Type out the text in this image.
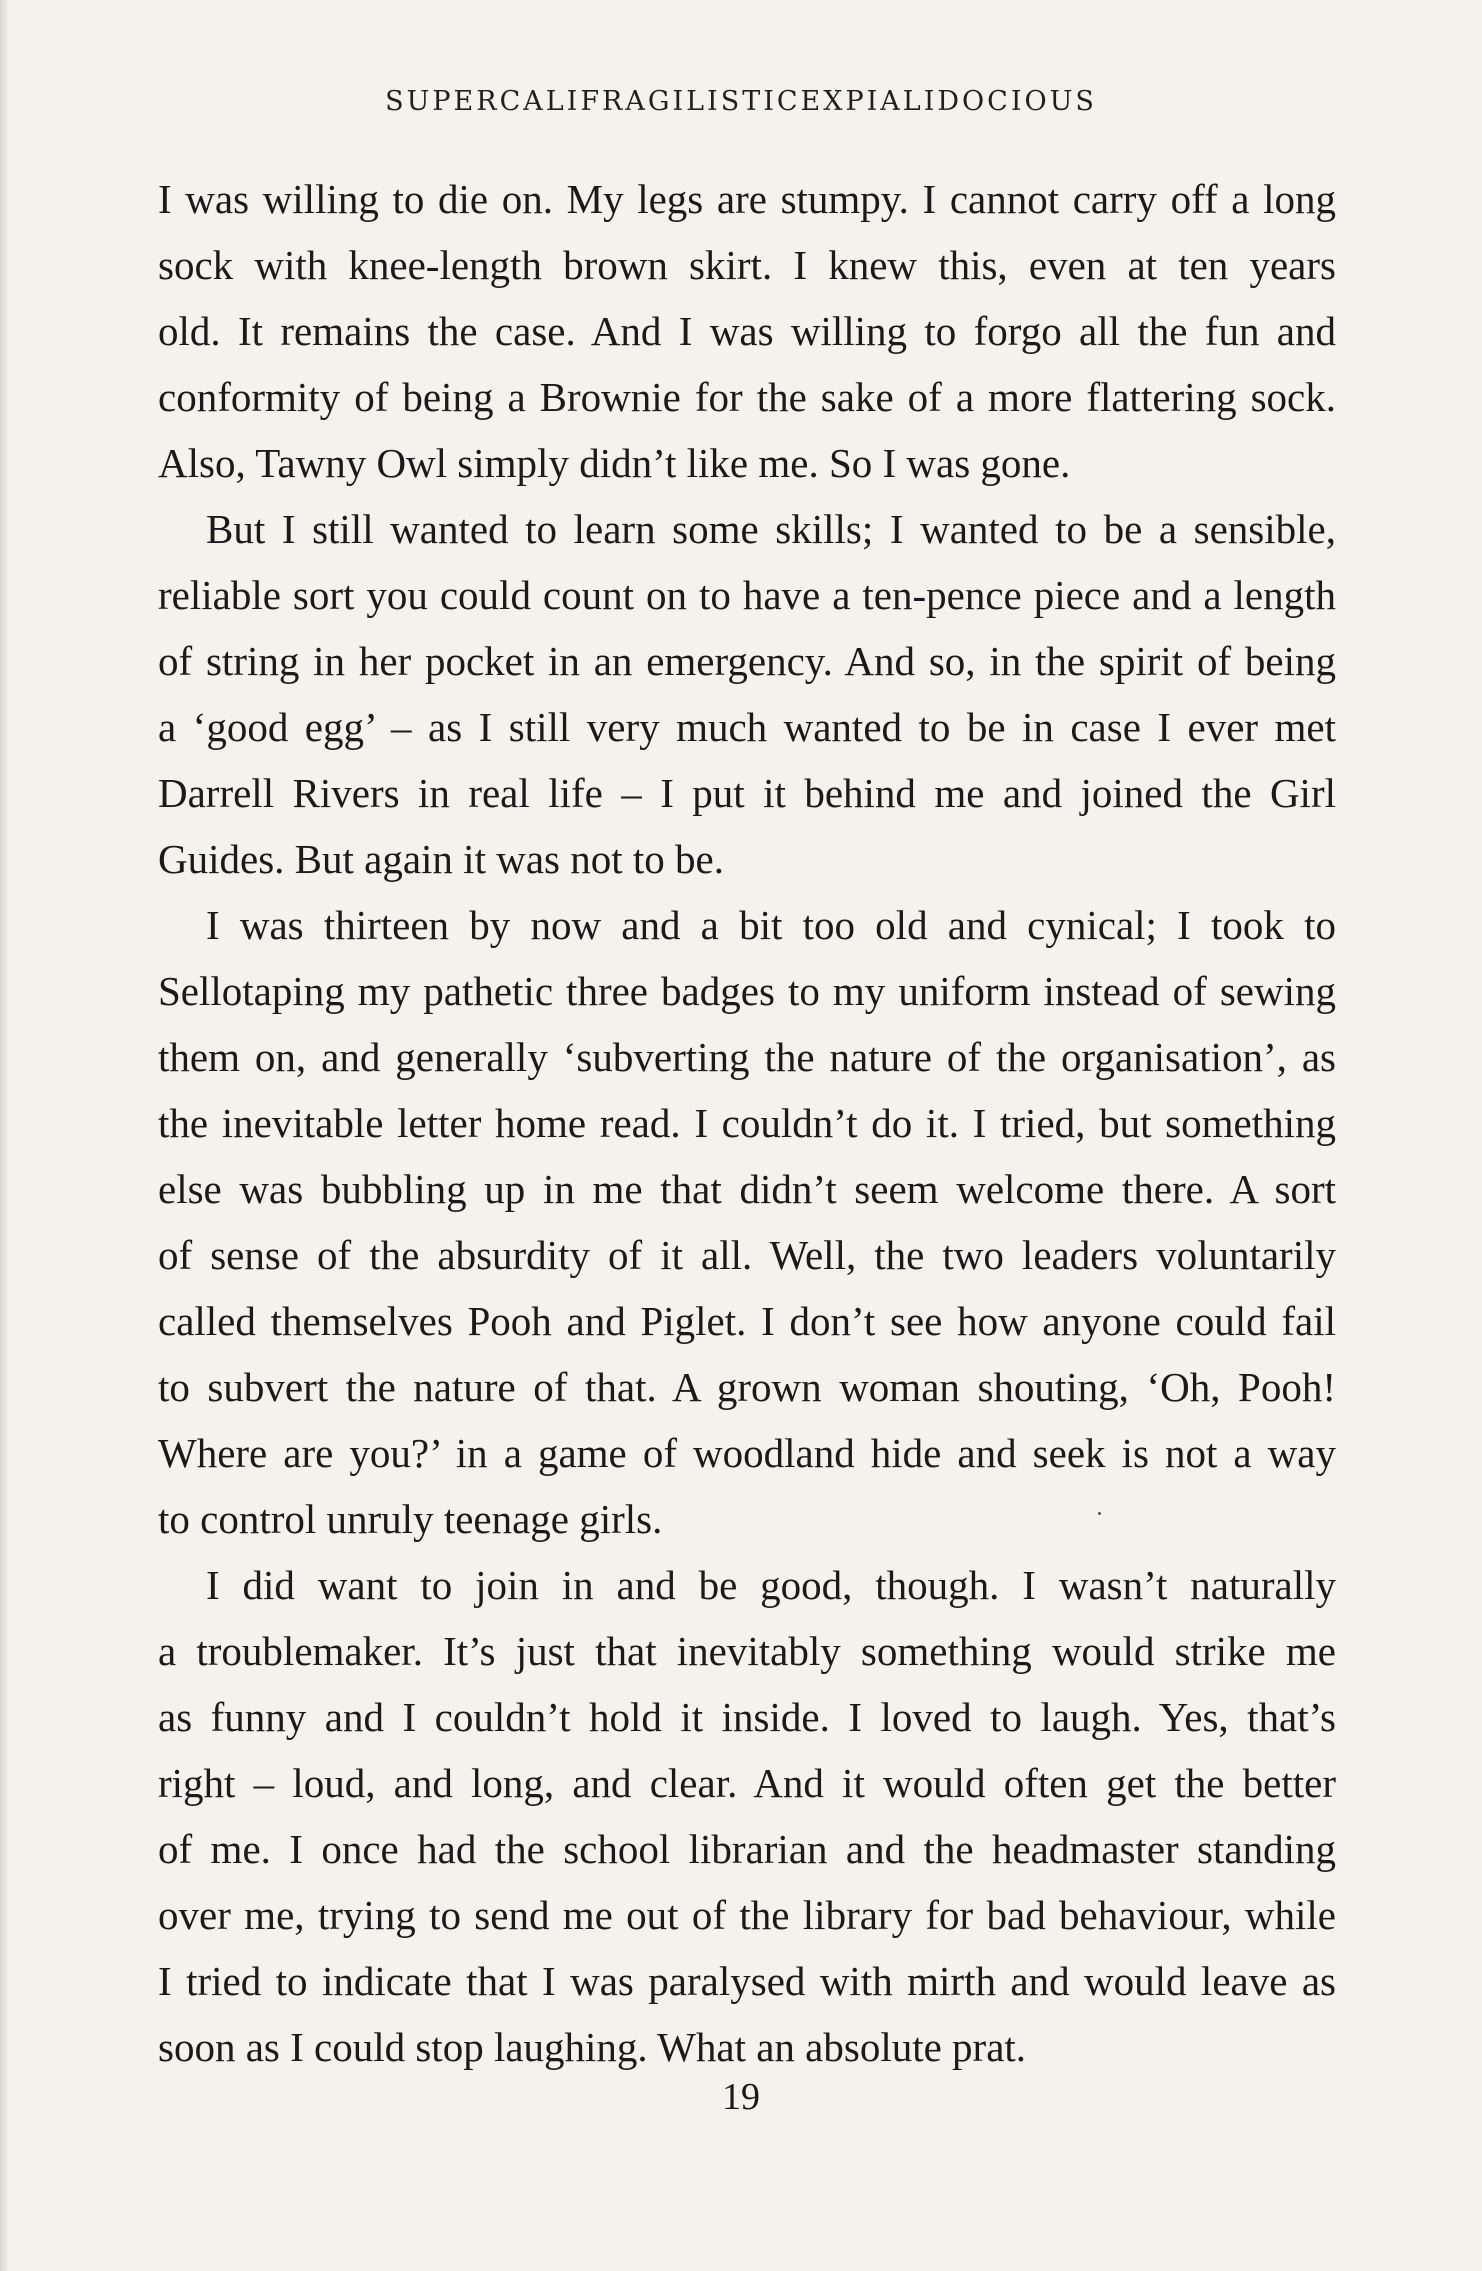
SUPERCALIFRAGILISTICEXPIALIDOCIOUS
I was willing to die on. My legs are stumpy. I cannot carry off a long
sock with knee-length brown skirt. I knew this, even at ten years
old. It remains the case. And I was willing to forgo all the fun and
conformity of being a Brownie for the sake of a more flattering sock.
Also, Tawny Owl simply didn’t like me. So I was gone.
But I still wanted to learn some skills; I wanted to be a sensible,
reliable sort you could count on to have a ten-pence piece and a length
of string in her pocket in an emergency. And so, in the spirit of being
a ‘good egg’ – as I still very much wanted to be in case I ever met
Darrell Rivers in real life – I put it behind me and joined the Girl
Guides. But again it was not to be.
I was thirteen by now and a bit too old and cynical; I took to
Sellotaping my pathetic three badges to my uniform instead of sewing
them on, and generally ‘subverting the nature of the organisation’, as
the inevitable letter home read. I couldn’t do it. I tried, but something
else was bubbling up in me that didn’t seem welcome there. A sort
of sense of the absurdity of it all. Well, the two leaders voluntarily
called themselves Pooh and Piglet. I don’t see how anyone could fail
to subvert the nature of that. A grown woman shouting, ‘Oh, Pooh!
Where are you?’ in a game of woodland hide and seek is not a way
to control unruly teenage girls.
I did want to join in and be good, though. I wasn’t naturally
a troublemaker. It’s just that inevitably something would strike me
as funny and I couldn’t hold it inside. I loved to laugh. Yes, that’s
right – loud, and long, and clear. And it would often get the better
of me. I once had the school librarian and the headmaster standing
over me, trying to send me out of the library for bad behaviour, while
I tried to indicate that I was paralysed with mirth and would leave as
soon as I could stop laughing. What an absolute prat.
19
